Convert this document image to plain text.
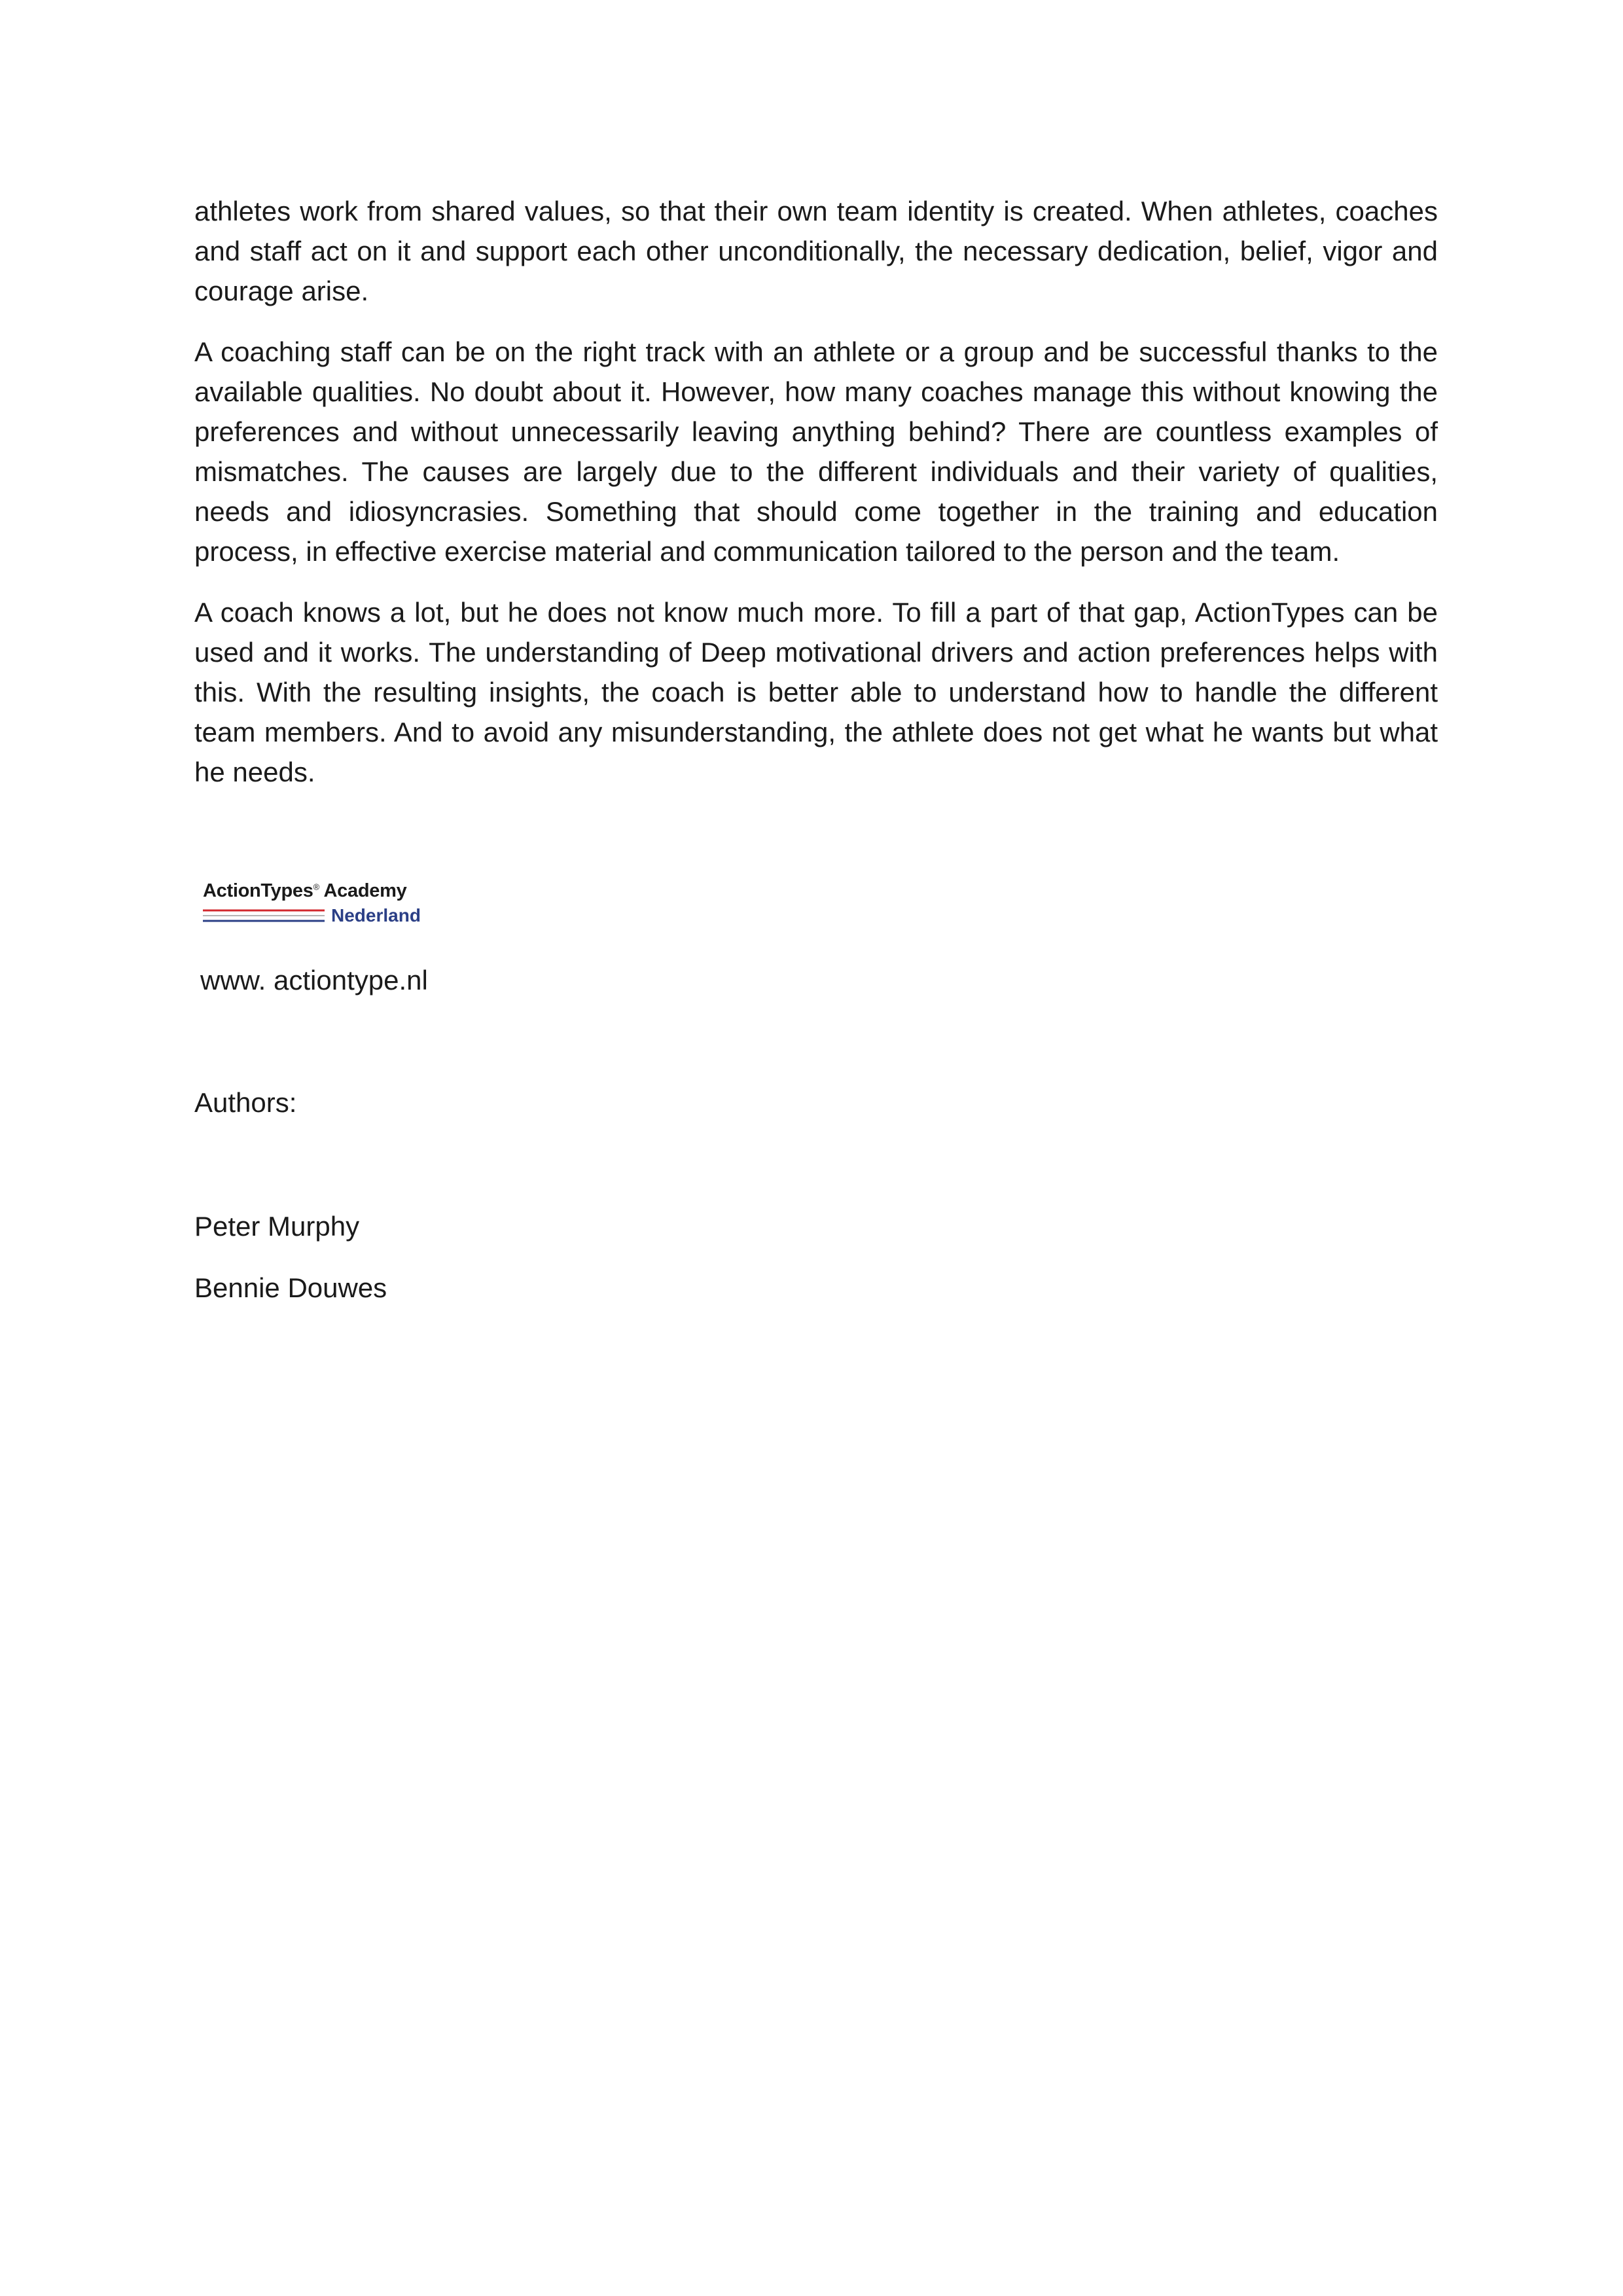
athletes work from shared values, so that their own team identity is created. When athletes, coaches and staff act on it and support each other unconditionally, the necessary dedication, belief, vigor and courage arise.

A coaching staff can be on the right track with an athlete or a group and be successful thanks to the available qualities. No doubt about it. However, how many coaches manage this without knowing the preferences and without unnecessarily leaving anything behind? There are countless examples of mismatches. The causes are largely due to the different individuals and their variety of qualities, needs and idiosyncrasies. Something that should come together in the training and education process, in effective exercise material and communication tailored to the person and the team.

A coach knows a lot, but he does not know much more. To fill a part of that gap, ActionTypes can be used and it works. The understanding of Deep motivational drivers and action preferences helps with this. With the resulting insights, the coach is better able to understand how to handle the different team members. And to avoid any misunderstanding, the athlete does not get what he wants but what he needs.

ActionTypes® Academy
Nederland
www. actiontype.nl
Authors:
Peter Murphy
Bennie Douwes
